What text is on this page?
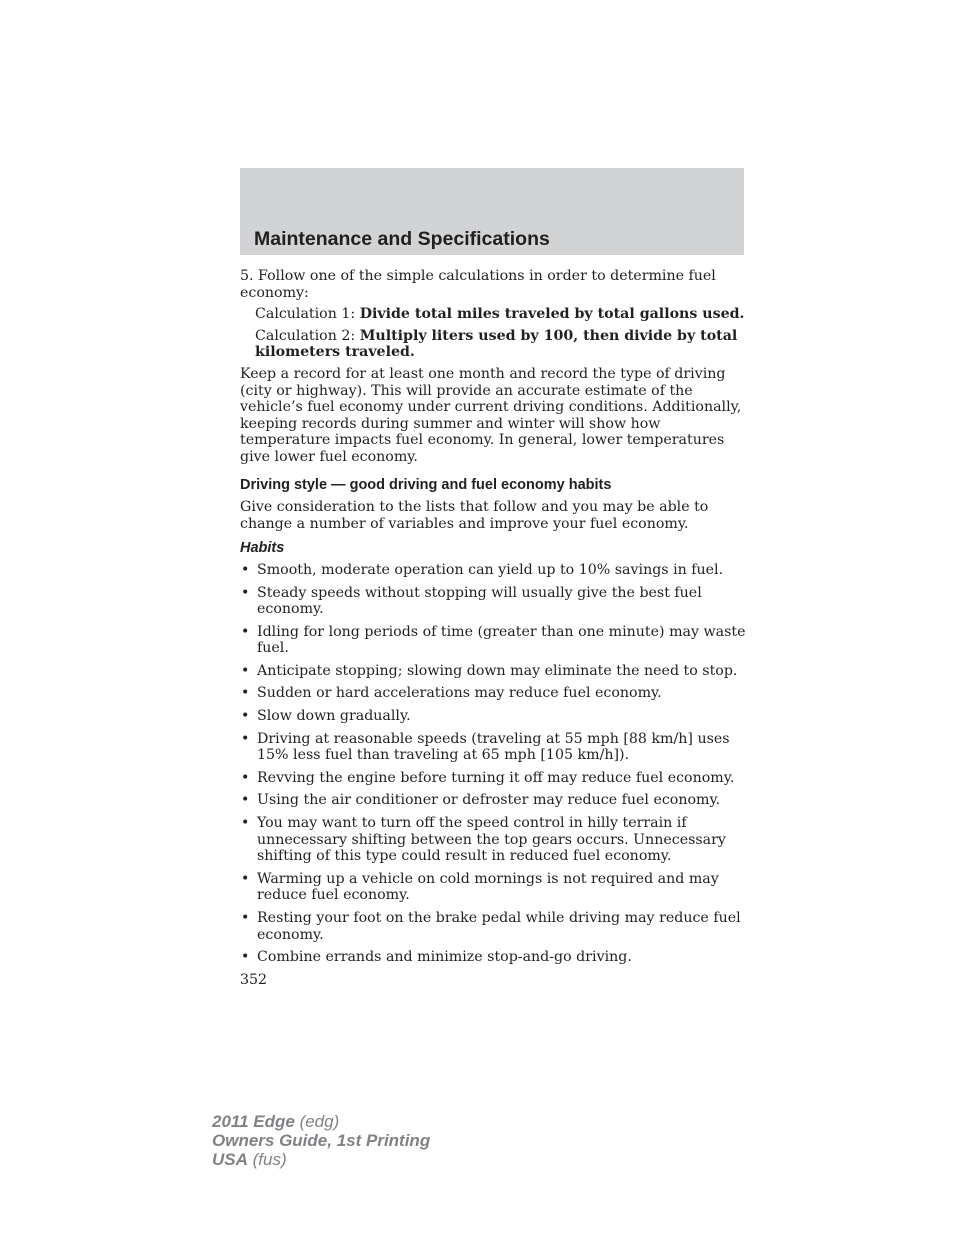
Maintenance and Specifications

5. Follow one of the simple calculations in order to determine fuel economy:

Calculation 1: Divide total miles traveled by total gallons used.

Calculation 2: Multiply liters used by 100, then divide by total kilometers traveled.

Keep a record for at least one month and record the type of driving (city or highway). This will provide an accurate estimate of the vehicle’s fuel economy under current driving conditions. Additionally, keeping records during summer and winter will show how temperature impacts fuel economy. In general, lower temperatures give lower fuel economy.

Driving style — good driving and fuel economy habits

Give consideration to the lists that follow and you may be able to change a number of variables and improve your fuel economy.

Habits
• Smooth, moderate operation can yield up to 10% savings in fuel.
• Steady speeds without stopping will usually give the best fuel economy.
• Idling for long periods of time (greater than one minute) may waste fuel.
• Anticipate stopping; slowing down may eliminate the need to stop.
• Sudden or hard accelerations may reduce fuel economy.
• Slow down gradually.
• Driving at reasonable speeds (traveling at 55 mph [88 km/h] uses 15% less fuel than traveling at 65 mph [105 km/h]).
• Revving the engine before turning it off may reduce fuel economy.
• Using the air conditioner or defroster may reduce fuel economy.
• You may want to turn off the speed control in hilly terrain if unnecessary shifting between the top gears occurs. Unnecessary shifting of this type could result in reduced fuel economy.
• Warming up a vehicle on cold mornings is not required and may reduce fuel economy.
• Resting your foot on the brake pedal while driving may reduce fuel economy.
• Combine errands and minimize stop-and-go driving.

352

2011 Edge (edg)
Owners Guide, 1st Printing
USA (fus)
